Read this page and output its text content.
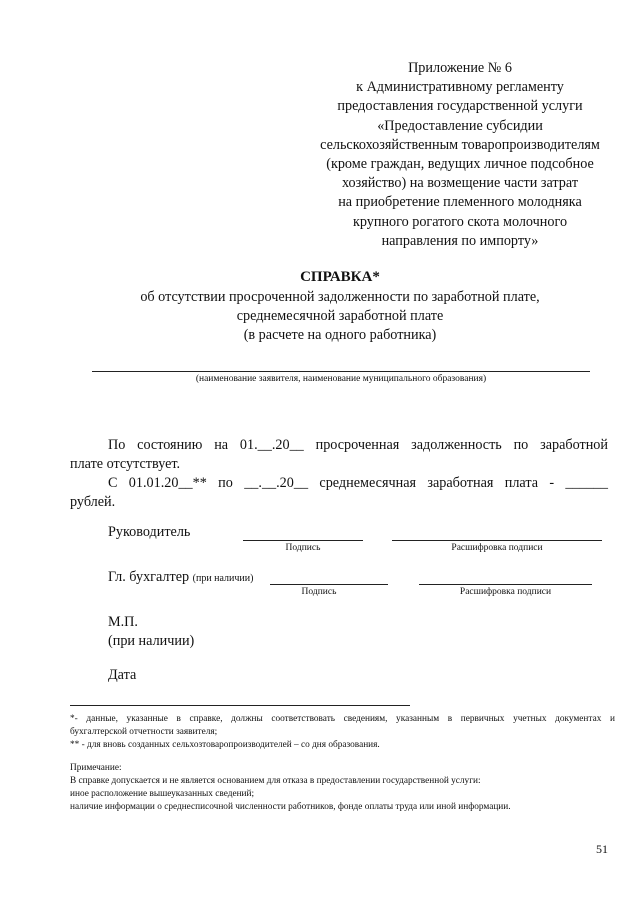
Приложение № 6
к Административному регламенту
предоставления государственной услуги
«Предоставление субсидии
сельскохозяйственным товаропроизводителям
(кроме граждан, ведущих личное подсобное
хозяйство) на возмещение части затрат
на приобретение племенного молодняка
крупного рогатого скота молочного
направления по импорту»
СПРАВКА*
об отсутствии просроченной задолженности по заработной плате,
среднемесячной заработной плате
(в расчете на одного работника)
(наименование заявителя, наименование муниципального образования)

По состоянию на 01.__.20__ просроченная задолженность по заработной

плате отсутствует.

С 01.01.20__** по __.__.20__ среднемесячная заработная плата - ______

рублей.

Руководитель
Подпись	Расшифровка подписи
Гл. бухгалтер (при наличии)
Подпись	Расшифровка подписи
М.П.
(при наличии)
Дата
*- данные, указанные в справке, должны соответствовать сведениям, указанным в первичных учетных документах и
бухгалтерской отчетности заявителя;
** - для вновь созданных сельхозтоваропроизводителей – со дня образования.
Примечание:
В справке допускается и не является основанием для отказа в предоставлении государственной услуги:
иное расположение вышеуказанных сведений;
наличие информации о среднесписочной численности работников, фонде оплаты труда или иной информации.
51
